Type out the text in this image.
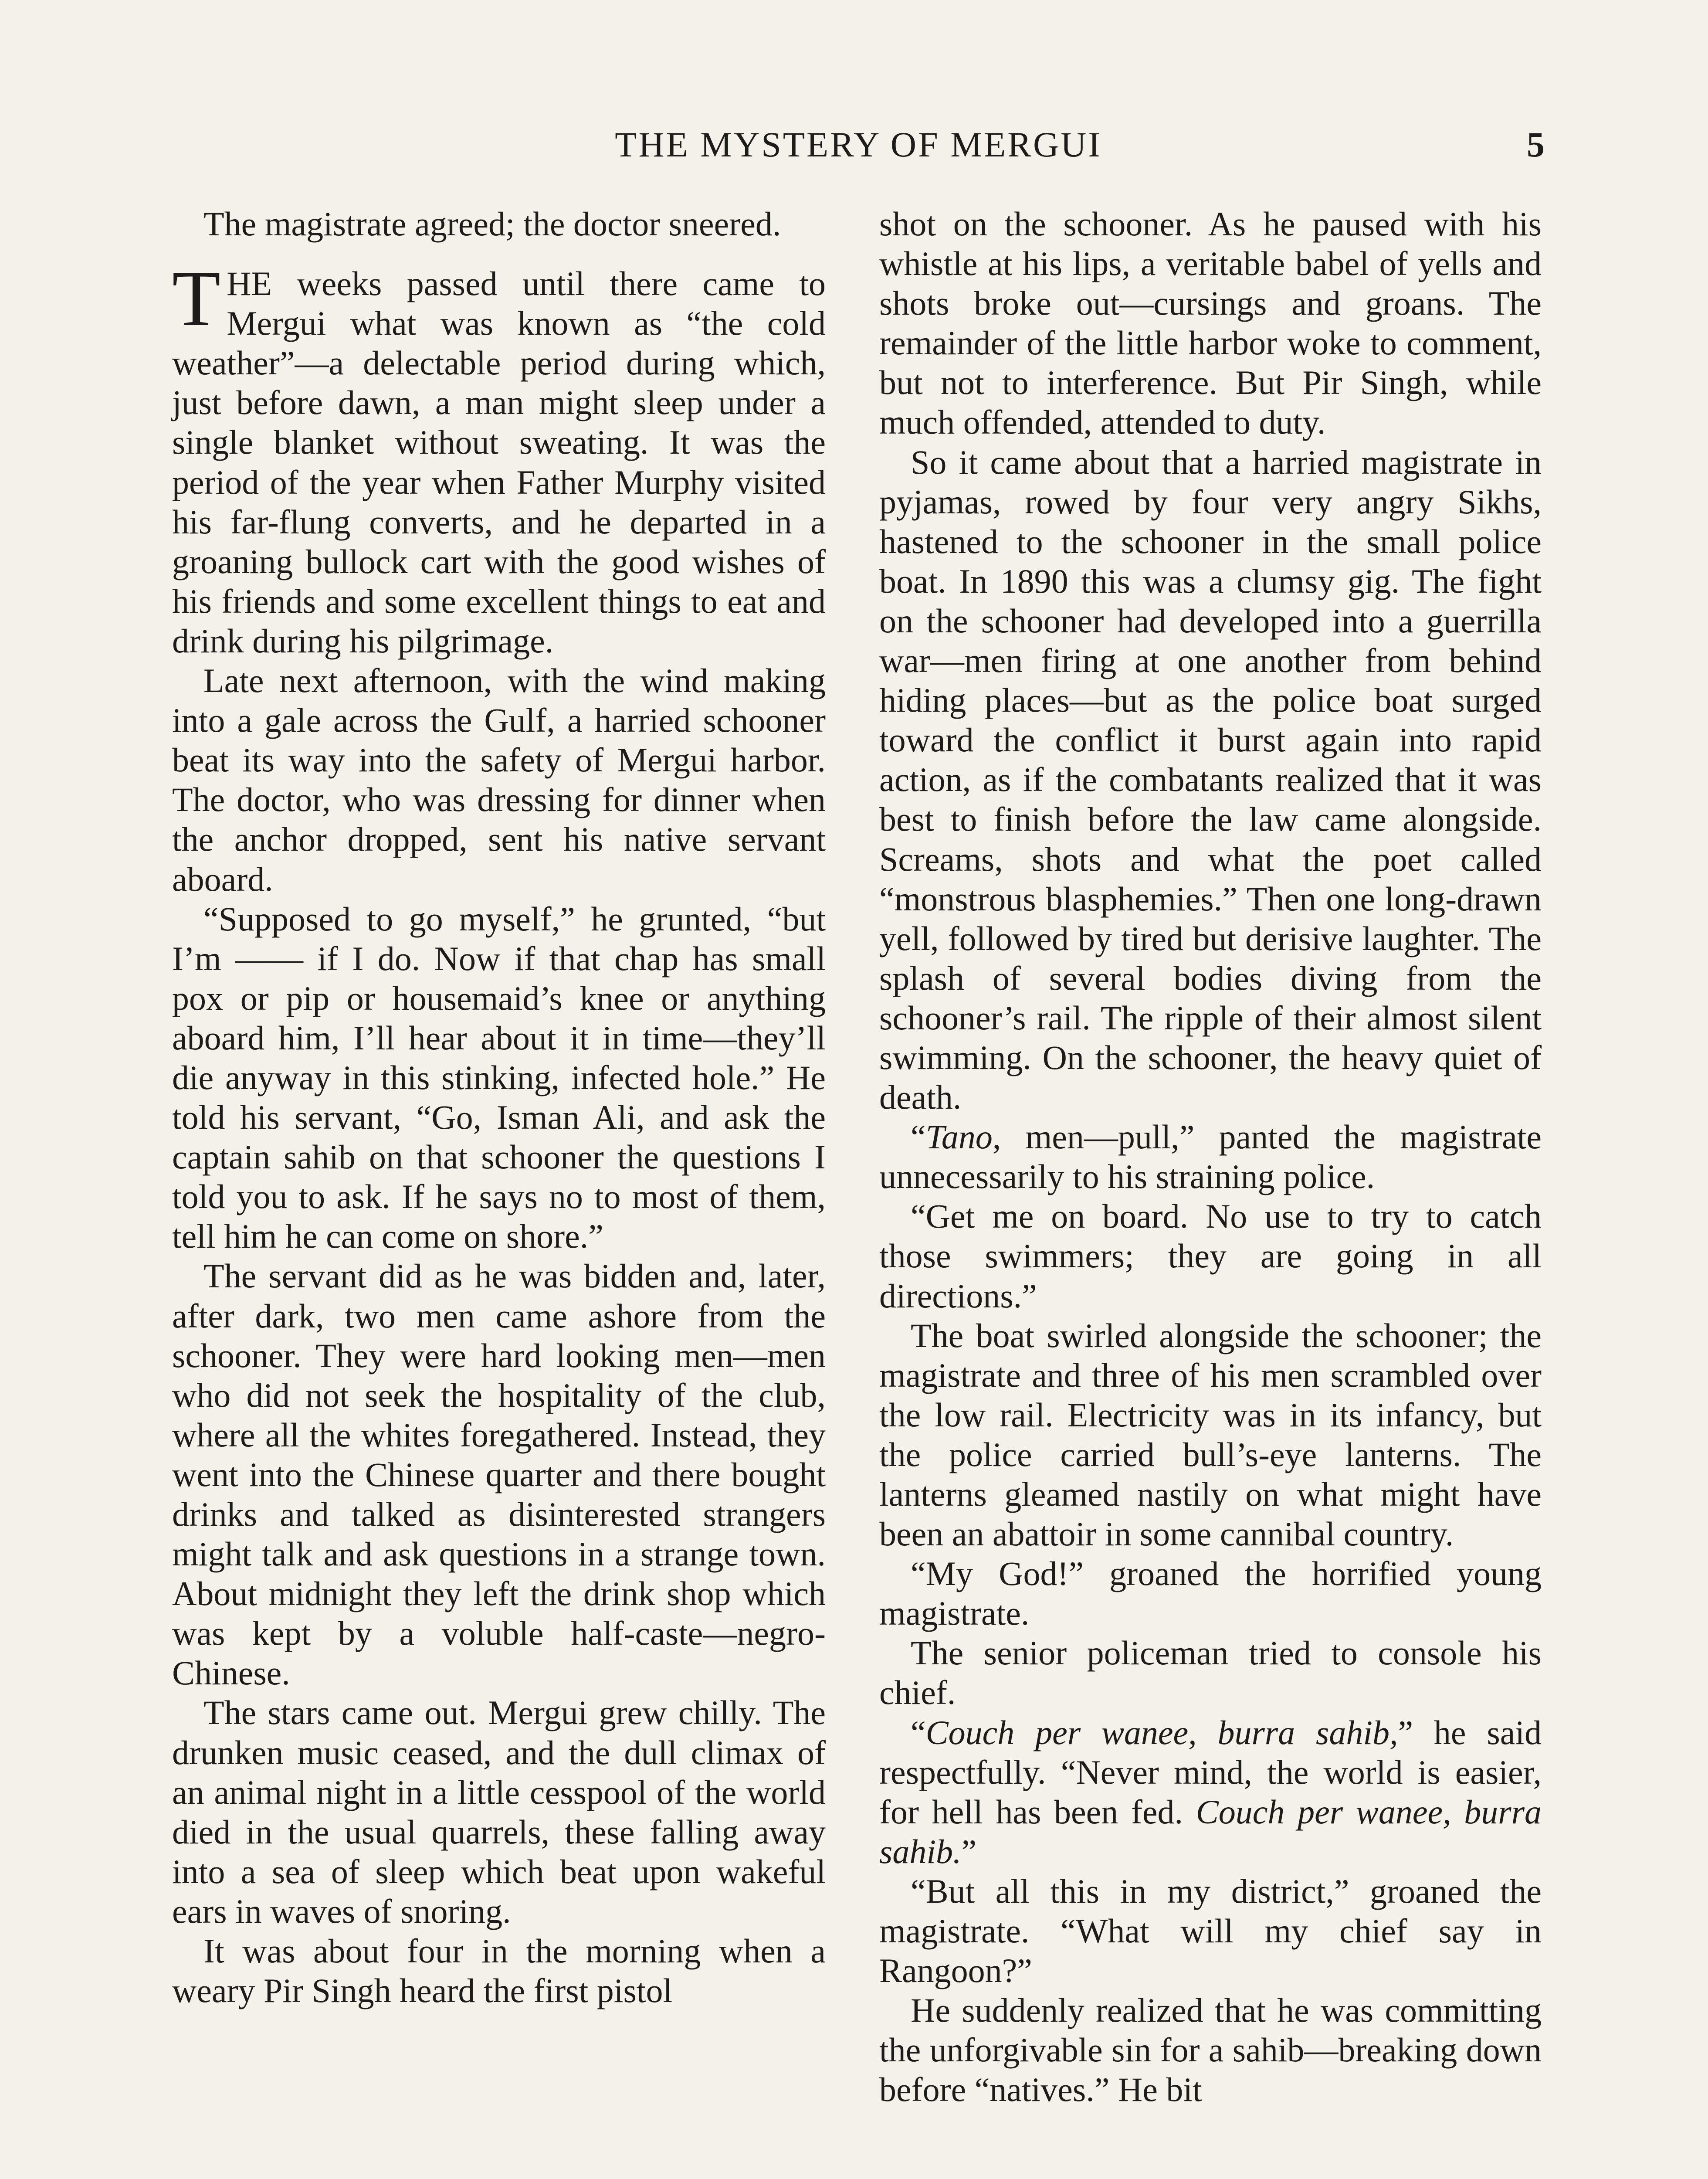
THE MYSTERY OF MERGUI	5

The magistrate agreed; the doctor sneered.

THE weeks passed until there came to Mergui what was known as “the cold weather”—a delectable period during which, just before dawn, a man might sleep under a single blanket without sweating. It was the period of the year when Father Murphy visited his far-flung converts, and he departed in a groaning bullock cart with the good wishes of his friends and some excellent things to eat and drink during his pilgrimage.

Late next afternoon, with the wind making into a gale across the Gulf, a harried schooner beat its way into the safety of Mergui harbor. The doctor, who was dressing for dinner when the anchor dropped, sent his native servant aboard.

“Supposed to go myself,” he grunted, “but I’m —— if I do. Now if that chap has small pox or pip or housemaid’s knee or anything aboard him, I’ll hear about it in time—they’ll die anyway in this stinking, infected hole.” He told his servant, “Go, Isman Ali, and ask the captain sahib on that schooner the questions I told you to ask. If he says no to most of them, tell him he can come on shore.”

The servant did as he was bidden and, later, after dark, two men came ashore from the schooner. They were hard looking men—men who did not seek the hospitality of the club, where all the whites foregathered. Instead, they went into the Chinese quarter and there bought drinks and talked as disinterested strangers might talk and ask questions in a strange town. About midnight they left the drink shop which was kept by a voluble half-caste—negro-Chinese.

The stars came out. Mergui grew chilly. The drunken music ceased, and the dull climax of an animal night in a little cesspool of the world died in the usual quarrels, these falling away into a sea of sleep which beat upon wakeful ears in waves of snoring.

It was about four in the morning when a weary Pir Singh heard the first pistol

shot on the schooner. As he paused with his whistle at his lips, a veritable babel of yells and shots broke out—cursings and groans. The remainder of the little harbor woke to comment, but not to interference. But Pir Singh, while much offended, attended to duty.

So it came about that a harried magistrate in pyjamas, rowed by four very angry Sikhs, hastened to the schooner in the small police boat. In 1890 this was a clumsy gig. The fight on the schooner had developed into a guerrilla war—men firing at one another from behind hiding places—but as the police boat surged toward the conflict it burst again into rapid action, as if the combatants realized that it was best to finish before the law came alongside. Screams, shots and what the poet called “monstrous blasphemies.” Then one long-drawn yell, followed by tired but derisive laughter. The splash of several bodies diving from the schooner’s rail. The ripple of their almost silent swimming. On the schooner, the heavy quiet of death.

“Tano, men—pull,” panted the magistrate unnecessarily to his straining police.

“Get me on board. No use to try to catch those swimmers; they are going in all directions.”

The boat swirled alongside the schooner; the magistrate and three of his men scrambled over the low rail. Electricity was in its infancy, but the police carried bull’s-eye lanterns. The lanterns gleamed nastily on what might have been an abattoir in some cannibal country.

“My God!” groaned the horrified young magistrate.

The senior policeman tried to console his chief.

“Couch per wanee, burra sahib,” he said respectfully. “Never mind, the world is easier, for hell has been fed. Couch per wanee, burra sahib.”

“But all this in my district,” groaned the magistrate. “What will my chief say in Rangoon?”

He suddenly realized that he was committing the unforgivable sin for a sahib—breaking down before “natives.” He bit
